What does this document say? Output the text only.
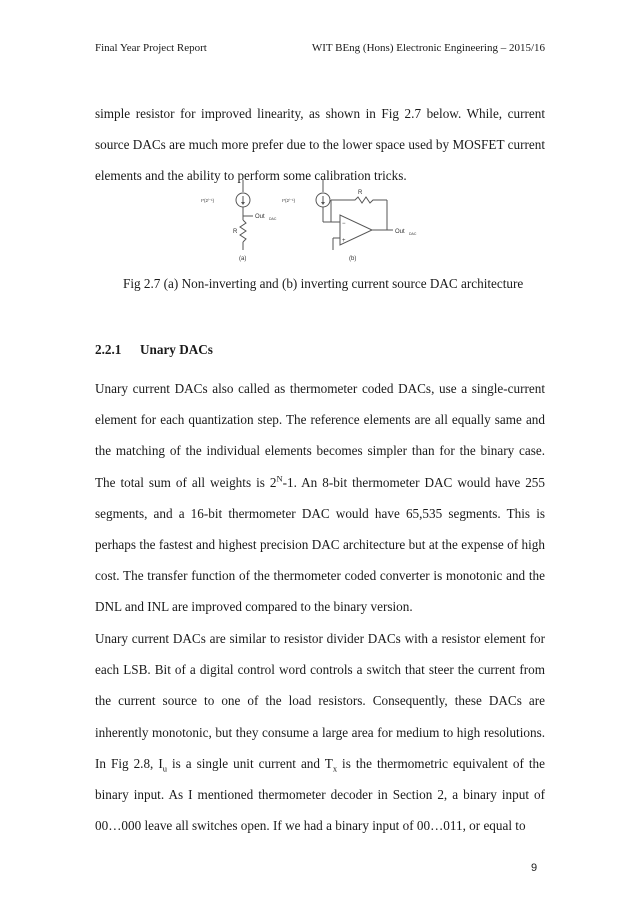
Final Year Project Report	WIT BEng (Hons) Electronic Engineering – 2015/16

simple resistor for improved linearity, as shown in Fig 2.7 below. While, current source DACs are much more prefer due to the lower space used by MOSFET current elements and the ability to perform some calibration tricks.

I*(2ⁱ⁻¹)	I*(2ⁱ⁻¹)
Out DAC
R
R
−
+
Out DAC
(a)	(b)
Fig 2.7 (a) Non-inverting and (b) inverting current source DAC architecture
2.2.1 Unary DACs

Unary current DACs also called as thermometer coded DACs, use a single-current element for each quantization step. The reference elements are all equally same and the matching of the individual elements becomes simpler than for the binary case. The total sum of all weights is $2^N-1$. An 8-bit thermometer DAC would have 255 segments, and a 16-bit thermometer DAC would have 65,535 segments. This is perhaps the fastest and highest precision DAC architecture but at the expense of high cost. The transfer function of the thermometer coded converter is monotonic and the DNL and INL are improved compared to the binary version.

Unary current DACs are similar to resistor divider DACs with a resistor element for each LSB. Bit of a digital control word controls a switch that steer the current from the current source to one of the load resistors. Consequently, these DACs are inherently monotonic, but they consume a large area for medium to high resolutions. In Fig 2.8, $I_u$ is a single unit current and $T_x$ is the thermometric equivalent of the binary input. As I mentioned thermometer decoder in Section 2, a binary input of 00…000 leave all switches open. If we had a binary input of 00…011, or equal to

9
